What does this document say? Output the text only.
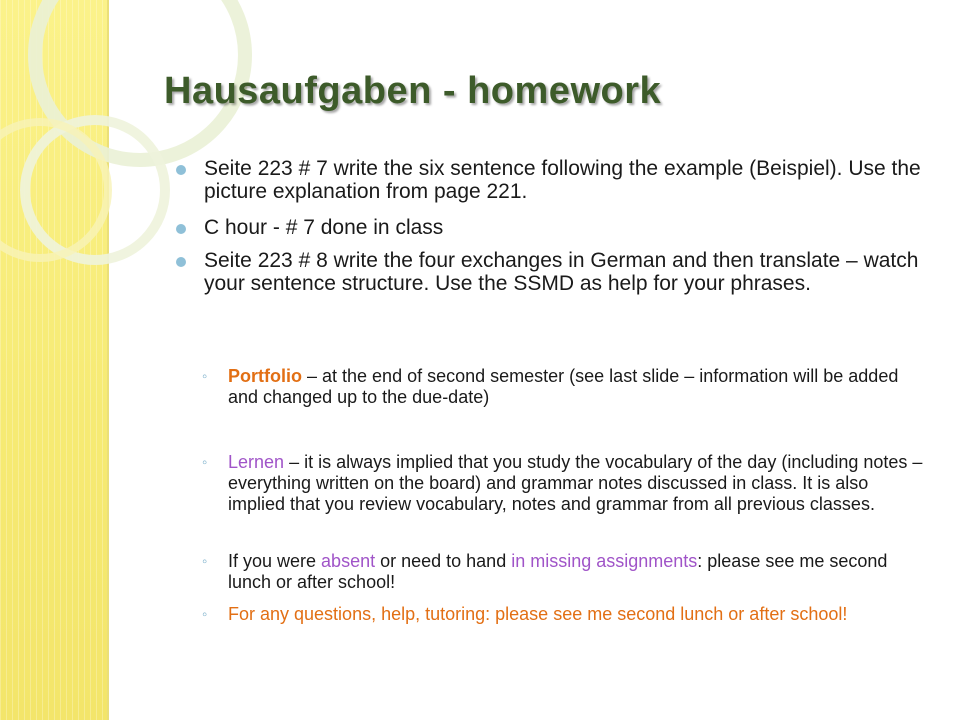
Hausaufgaben - homework
Seite 223 # 7 write the six sentence following the example (Beispiel). Use the picture explanation from page 221.
C hour - # 7 done in class
Seite 223 # 8 write the four exchanges in German and then translate – watch your sentence structure. Use the SSMD as help for your phrases.
◦ Portfolio – at the end of second semester (see last slide – information will be added and changed up to the due-date)
◦ Lernen – it is always implied that you study the vocabulary of the day (including notes – everything written on the board) and grammar notes discussed in class. It is also implied that you review vocabulary, notes and grammar from all previous classes.
◦ If you were absent or need to hand in missing assignments: please see me second lunch or after school!
◦ For any questions, help, tutoring: please see me second lunch or after school!
